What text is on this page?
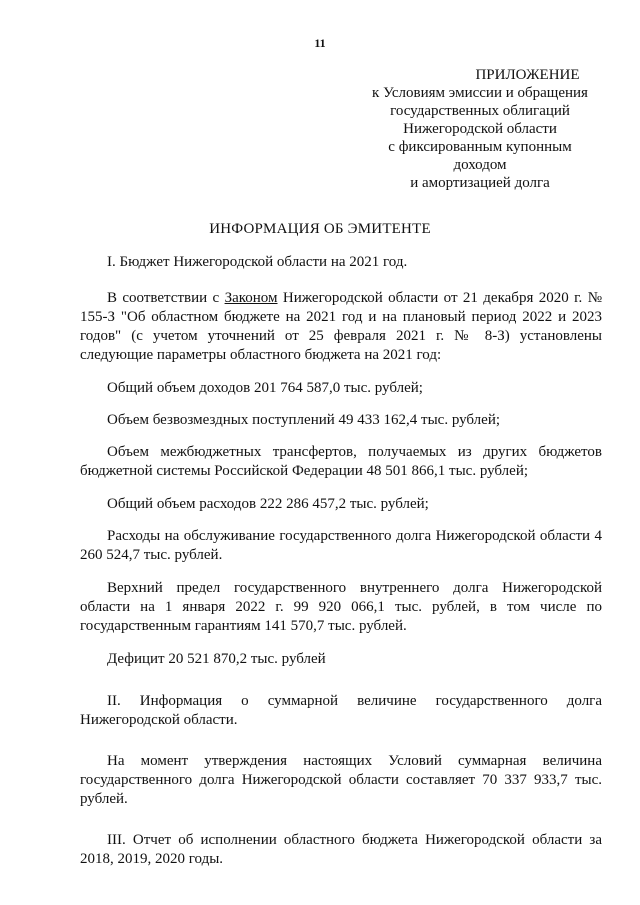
11
ПРИЛОЖЕНИЕ
к Условиям эмиссии и обращения
государственных облигаций
Нижегородской области
с фиксированным купонным
доходом
и амортизацией долга
ИНФОРМАЦИЯ ОБ ЭМИТЕНТЕ

I. Бюджет Нижегородской области на 2021 год.

В соответствии с Законом Нижегородской области от 21 декабря 2020 г. № 155-З "Об областном бюджете на 2021 год и на плановый период 2022 и 2023 годов" (с учетом уточнений от 25 февраля 2021 г. № 8-З) установлены следующие параметры областного бюджета на 2021 год:

Общий объем доходов 201 764 587,0 тыс. рублей;

Объем безвозмездных поступлений 49 433 162,4 тыс. рублей;

Объем межбюджетных трансфертов, получаемых из других бюджетов бюджетной системы Российской Федерации 48 501 866,1 тыс. рублей;

Общий объем расходов 222 286 457,2 тыс. рублей;

Расходы на обслуживание государственного долга Нижегородской области 4 260 524,7 тыс. рублей.

Верхний предел государственного внутреннего долга Нижегородской области на 1 января 2022 г. 99 920 066,1 тыс. рублей, в том числе по государственным гарантиям 141 570,7 тыс. рублей.

Дефицит 20 521 870,2 тыс. рублей

II. Информация о суммарной величине государственного долга Нижегородской области.

На момент утверждения настоящих Условий суммарная величина государственного долга Нижегородской области составляет 70 337 933,7 тыс. рублей.

III. Отчет об исполнении областного бюджета Нижегородской области за 2018, 2019, 2020 годы.
